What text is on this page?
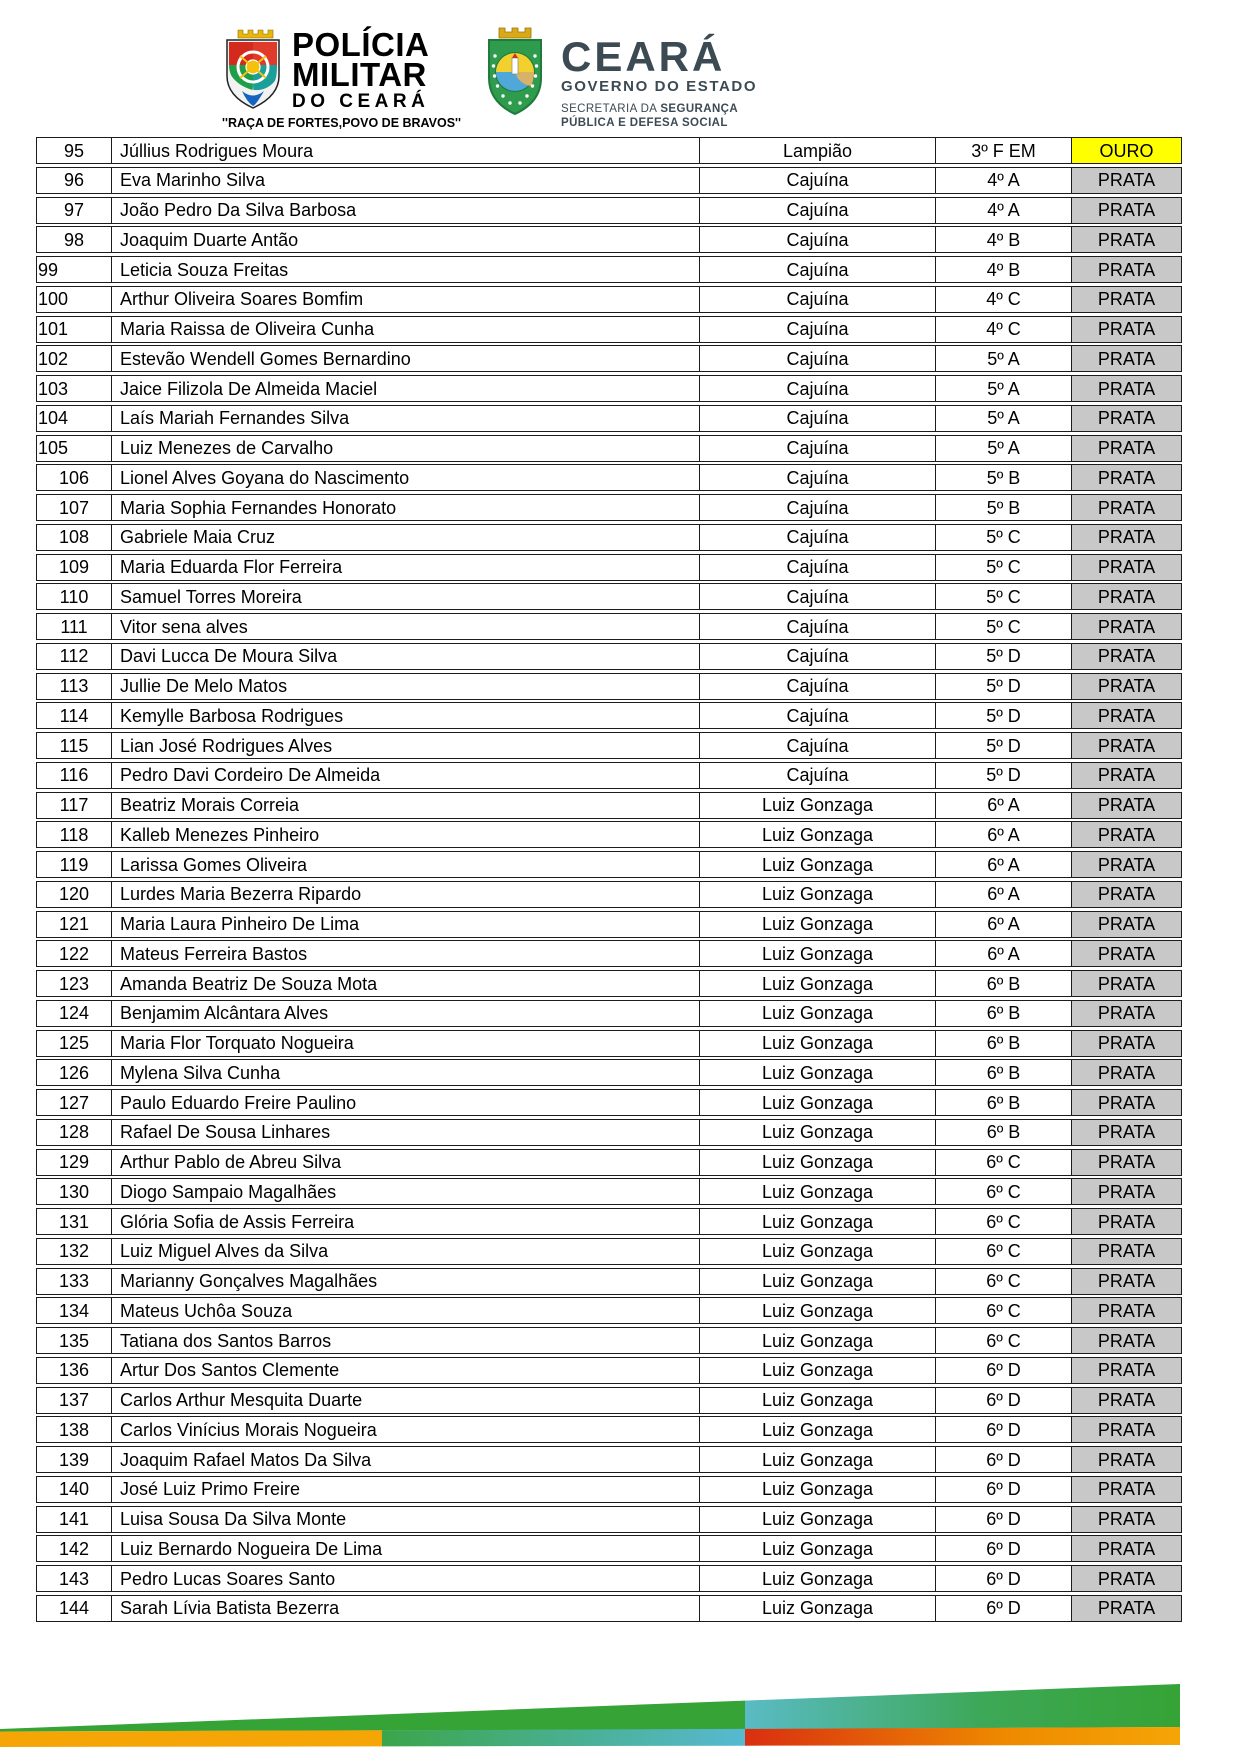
POLÍCIA
MILITAR
DO CEARÁ
''RAÇA DE FORTES,POVO DE BRAVOS''
CEARÁ
GOVERNO DO ESTADO
SECRETARIA DA SEGURANÇA
PÚBLICA E DEFESA SOCIAL
95	Júllius Rodrigues Moura	Lampião	3º F EM	OURO
96	Eva Marinho Silva	Cajuína	4º A	PRATA
97	João Pedro Da Silva Barbosa	Cajuína	4º A	PRATA
98	Joaquim Duarte Antão	Cajuína	4º B	PRATA
99	Leticia Souza Freitas	Cajuína	4º B	PRATA
100	Arthur Oliveira Soares Bomfim	Cajuína	4º C	PRATA
101	Maria Raissa de Oliveira Cunha	Cajuína	4º C	PRATA
102	Estevão Wendell Gomes Bernardino	Cajuína	5º A	PRATA
103	Jaice Filizola De Almeida Maciel	Cajuína	5º A	PRATA
104	Laís Mariah Fernandes Silva	Cajuína	5º A	PRATA
105	Luiz Menezes de Carvalho	Cajuína	5º A	PRATA
106	Lionel Alves Goyana do Nascimento	Cajuína	5º B	PRATA
107	Maria Sophia Fernandes Honorato	Cajuína	5º B	PRATA
108	Gabriele Maia Cruz	Cajuína	5º C	PRATA
109	Maria Eduarda Flor Ferreira	Cajuína	5º C	PRATA
110	Samuel Torres Moreira	Cajuína	5º C	PRATA
111	Vitor sena alves	Cajuína	5º C	PRATA
112	Davi Lucca De Moura Silva	Cajuína	5º D	PRATA
113	Jullie De Melo Matos	Cajuína	5º D	PRATA
114	Kemylle Barbosa Rodrigues	Cajuína	5º D	PRATA
115	Lian José Rodrigues Alves	Cajuína	5º D	PRATA
116	Pedro Davi Cordeiro De Almeida	Cajuína	5º D	PRATA
117	Beatriz Morais Correia	Luiz Gonzaga	6º A	PRATA
118	Kalleb Menezes Pinheiro	Luiz Gonzaga	6º A	PRATA
119	Larissa Gomes Oliveira	Luiz Gonzaga	6º A	PRATA
120	Lurdes Maria Bezerra Ripardo	Luiz Gonzaga	6º A	PRATA
121	Maria Laura Pinheiro De Lima	Luiz Gonzaga	6º A	PRATA
122	Mateus Ferreira Bastos	Luiz Gonzaga	6º A	PRATA
123	Amanda Beatriz De Souza Mota	Luiz Gonzaga	6º B	PRATA
124	Benjamim Alcântara Alves	Luiz Gonzaga	6º B	PRATA
125	Maria Flor Torquato Nogueira	Luiz Gonzaga	6º B	PRATA
126	Mylena Silva Cunha	Luiz Gonzaga	6º B	PRATA
127	Paulo Eduardo Freire Paulino	Luiz Gonzaga	6º B	PRATA
128	Rafael De Sousa Linhares	Luiz Gonzaga	6º B	PRATA
129	Arthur Pablo de Abreu Silva	Luiz Gonzaga	6º C	PRATA
130	Diogo Sampaio Magalhães	Luiz Gonzaga	6º C	PRATA
131	Glória Sofia de Assis Ferreira	Luiz Gonzaga	6º C	PRATA
132	Luiz Miguel Alves da Silva	Luiz Gonzaga	6º C	PRATA
133	Marianny Gonçalves Magalhães	Luiz Gonzaga	6º C	PRATA
134	Mateus Uchôa Souza	Luiz Gonzaga	6º C	PRATA
135	Tatiana dos Santos Barros	Luiz Gonzaga	6º C	PRATA
136	Artur Dos Santos Clemente	Luiz Gonzaga	6º D	PRATA
137	Carlos Arthur Mesquita Duarte	Luiz Gonzaga	6º D	PRATA
138	Carlos Vinícius Morais Nogueira	Luiz Gonzaga	6º D	PRATA
139	Joaquim Rafael Matos Da Silva	Luiz Gonzaga	6º D	PRATA
140	José Luiz Primo Freire	Luiz Gonzaga	6º D	PRATA
141	Luisa Sousa Da Silva Monte	Luiz Gonzaga	6º D	PRATA
142	Luiz Bernardo Nogueira De Lima	Luiz Gonzaga	6º D	PRATA
143	Pedro Lucas Soares Santo	Luiz Gonzaga	6º D	PRATA
144	Sarah Lívia Batista Bezerra	Luiz Gonzaga	6º D	PRATA
